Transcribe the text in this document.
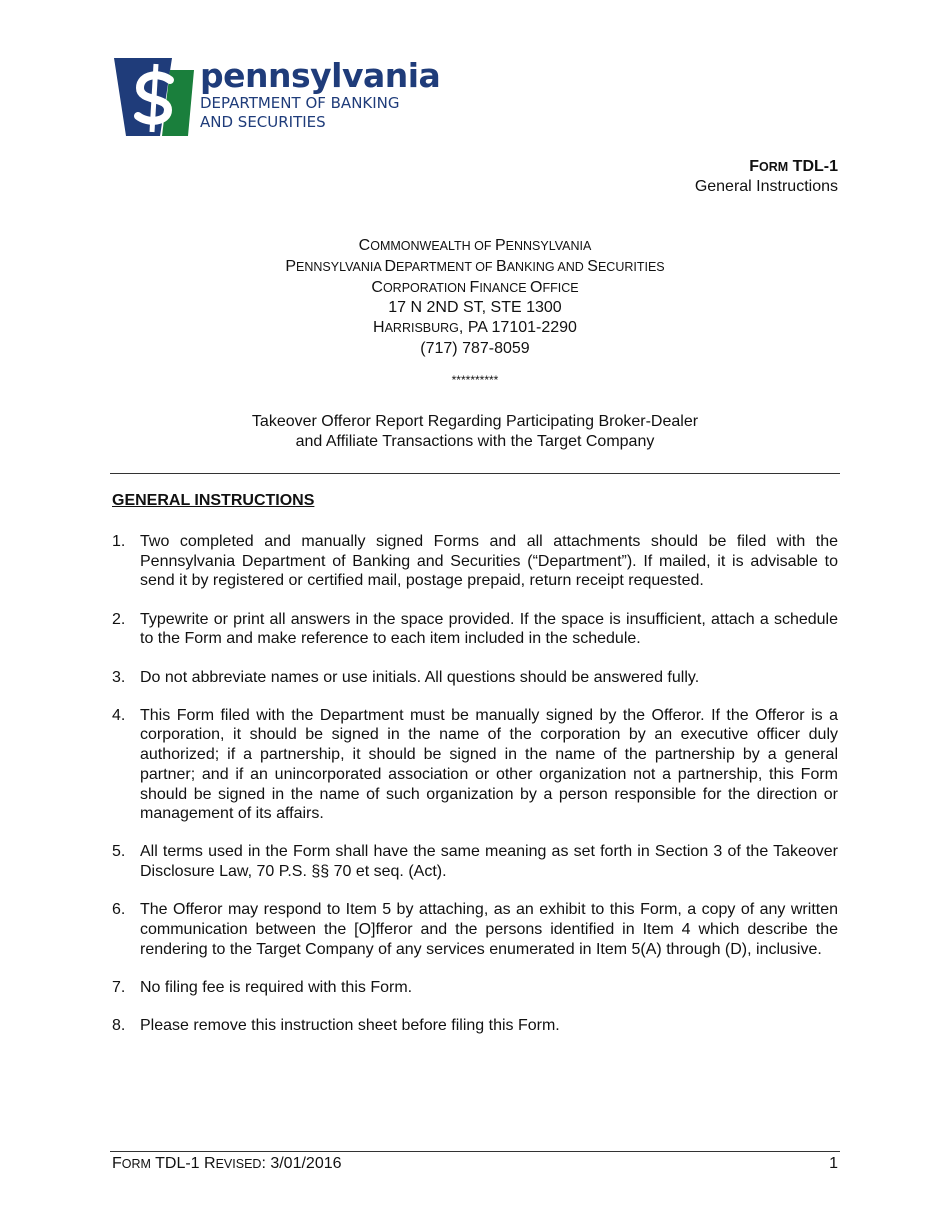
pennsylvania
DEPARTMENT OF BANKING
AND SECURITIES
FORM TDL-1
General Instructions
COMMONWEALTH OF PENNSYLVANIA
PENNSYLVANIA DEPARTMENT OF BANKING AND SECURITIES
CORPORATION FINANCE OFFICE
17 N 2ND ST, STE 1300
HARRISBURG, PA 17101-2290
(717) 787-8059
**********
Takeover Offeror Report Regarding Participating Broker-Dealer
and Affiliate Transactions with the Target Company
GENERAL INSTRUCTIONS
1. Two completed and manually signed Forms and all attachments should be filed with the Pennsylvania Department of Banking and Securities (“Department”). If mailed, it is advisable to send it by registered or certified mail, postage prepaid, return receipt requested.
2. Typewrite or print all answers in the space provided. If the space is insufficient, attach a schedule to the Form and make reference to each item included in the schedule.
3. Do not abbreviate names or use initials. All questions should be answered fully.
4. This Form filed with the Department must be manually signed by the Offeror. If the Offeror is a corporation, it should be signed in the name of the corporation by an executive officer duly authorized; if a partnership, it should be signed in the name of the partnership by a general partner; and if an unincorporated association or other organization not a partnership, this Form should be signed in the name of such organization by a person responsible for the direction or management of its affairs.
5. All terms used in the Form shall have the same meaning as set forth in Section 3 of the Takeover Disclosure Law, 70 P.S. §§ 70 et seq. (Act).
6. The Offeror may respond to Item 5 by attaching, as an exhibit to this Form, a copy of any written communication between the [O]fferor and the persons identified in Item 4 which describe the rendering to the Target Company of any services enumerated in Item 5(A) through (D), inclusive.
7. No filing fee is required with this Form.
8. Please remove this instruction sheet before filing this Form.
FORM TDL-1 REVISED: 3/01/2016	1
